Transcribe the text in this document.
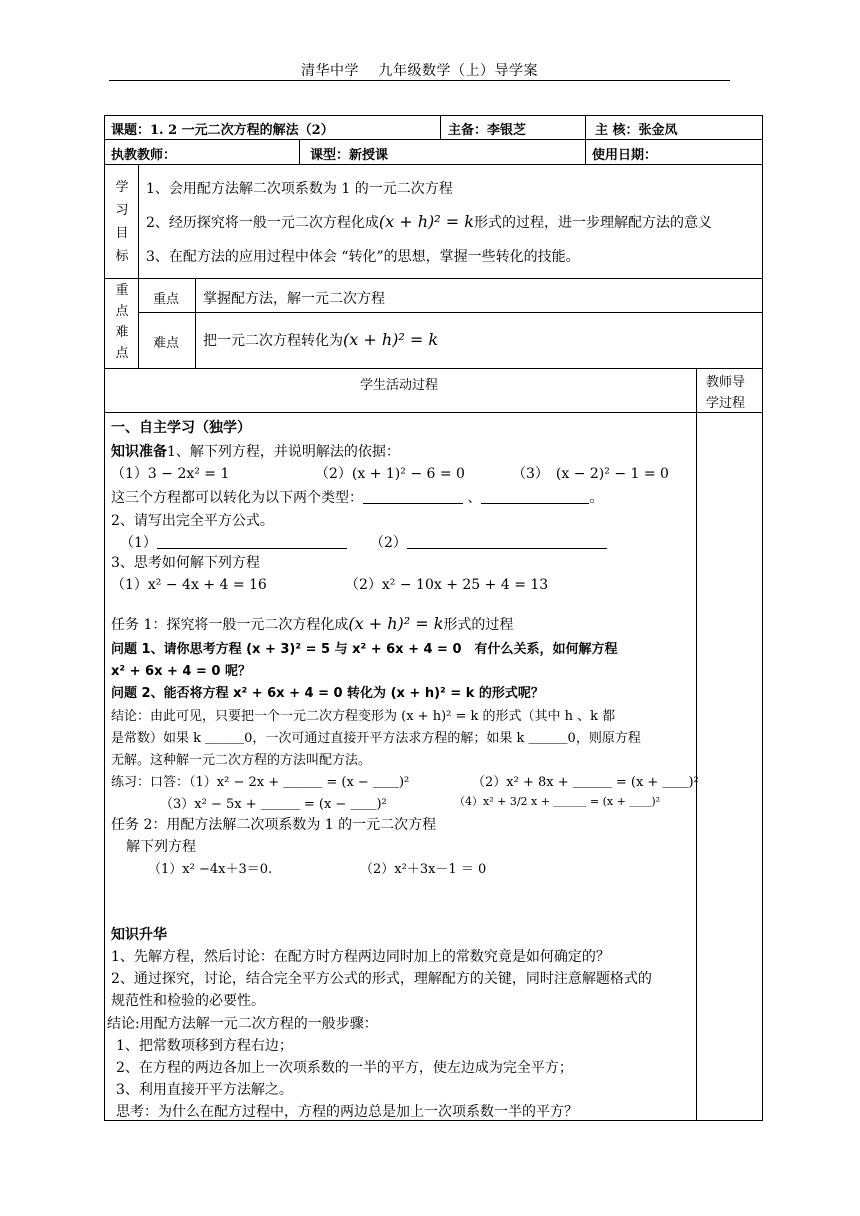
清华中学　 九年级数学（上）导学案
课题：1. 2 一元二次方程的解法（2）	主备：李银芝	主 核：张金凤
执教教师：	课型：新授课	使用日期：
学
习
目
标
1、会用配方法解二次项系数为 1 的一元二次方程
2、经历探究将一般一元二次方程化成(x + h)² = k形式的过程，进一步理解配方法的意义
3、在配方法的应用过程中体会 “转化”的思想，掌握一些转化的技能。
重
点
难
点
重点 掌握配方法，解一元二次方程
难点 把一元二次方程转化为(x + h)² = k
学生活动过程	教师导学过程
一、自主学习（独学）
知识准备1、解下列方程，并说明解法的依据：
（1）3 − 2x² = 1	（2）(x + 1)² − 6 = 0	（3）　(x − 2)² − 1 = 0
这三个方程都可以转化为以下两个类型：	、	。
2、请写出完全平方公式。
（1）	（2）
3、思考如何解下列方程
（1）x² − 4x + 4 = 16	（2）x² − 10x + 25 + 4 = 13
任务 1：探究将一般一元二次方程化成(x + h)² = k形式的过程
问题 1、请你思考方程 (x + 3)² = 5 与 x² + 6x + 4 = 0　有什么关系，如何解方程
x² + 6x + 4 = 0 呢？
问题 2、能否将方程 x² + 6x + 4 = 0 转化为 (x + h)² = k 的形式呢？
结论：由此可见，只要把一个一元二次方程变形为 (x + h)² = k 的形式（其中 h 、k 都
是常数）如果 k ＿＿＿0，一次可通过直接开平方法求方程的解；如果 k ＿＿＿0，则原方程
无解。这种解一元二次方程的方法叫配方法。
练习：口答：（1）x² − 2x + ＿＿＿ = (x − ＿＿)²	（2）x² + 8x + ＿＿＿ = (x + ＿＿)²
（3）x² − 5x + ＿＿＿ = (x − ＿＿)²	（4）x² + 3/2 x + ＿＿＿ = (x + ＿＿)²
任务 2：用配方法解二次项系数为 1 的一元二次方程
解下列方程
（1）x² −4x＋3＝0.	（2）x²＋3x－1 ＝ 0
知识升华
1、先解方程，然后讨论：在配方时方程两边同时加上的常数究竟是如何确定的？
2、通过探究，讨论，结合完全平方公式的形式，理解配方的关键，同时注意解题格式的
规范性和检验的必要性。
结论:用配方法解一元二次方程的一般步骤：
1、把常数项移到方程右边；
2、在方程的两边各加上一次项系数的一半的平方，使左边成为完全平方；
3、利用直接开平方法解之。
思考：为什么在配方过程中，方程的两边总是加上一次项系数一半的平方？
